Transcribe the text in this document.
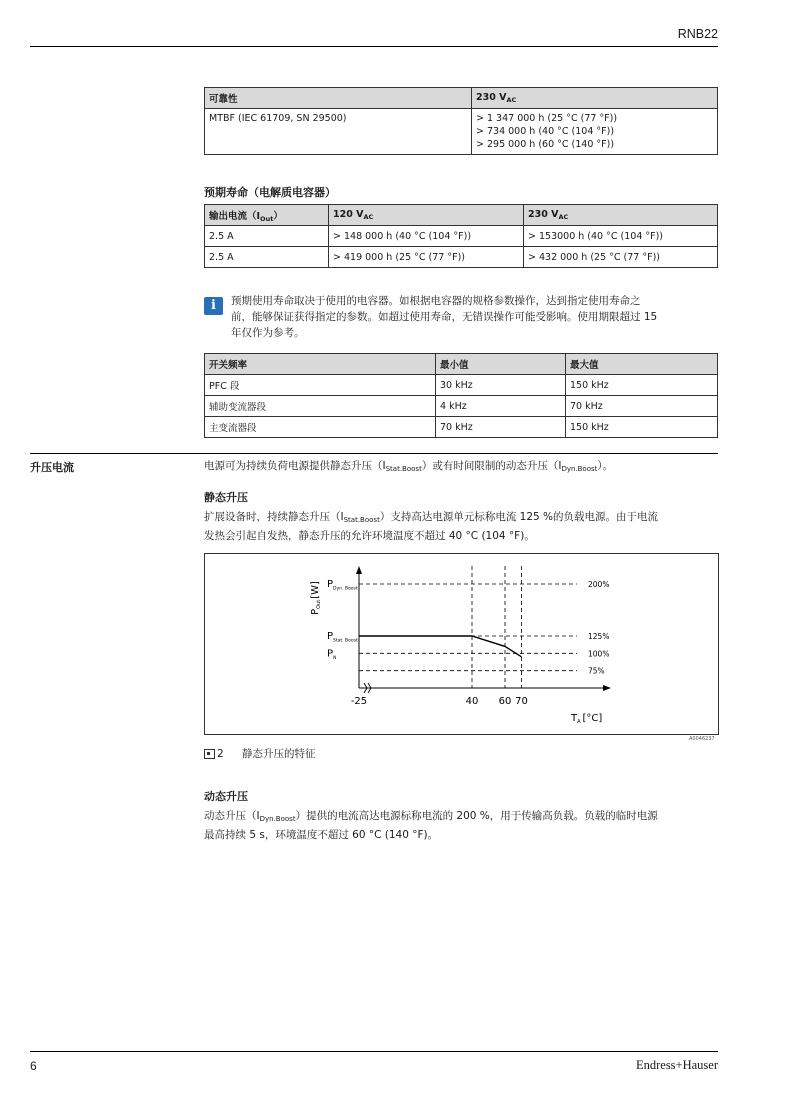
RNB22
可靠性	230 $V_{AC}$
MTBF (IEC 61709, SN 29500)	> 1 347 000 h (25 °C (77 °F))
> 734 000 h (40 °C (104 °F))
> 295 000 h (60 °C (140 °F))
预期寿命（电解质电容器）
输出电流$(I_{Out})$	120 $V_{AC}$	230 $V_{AC}$
2.5 A	> 148 000 h (40 °C (104 °F))	> 153000 h (40 °C (104 °F))
2.5 A	> 419 000 h (25 °C (77 °F))	> 432 000 h (25 °C (77 °F))
i	预期使用寿命取决于使用的电容器。如根据电容器的规格参数操作，达到指定使用寿命之
前，能够保证获得指定的参数。如超过使用寿命，无错误操作可能受影响。使用期限超过 15
年仅作为参考。
开关频率	最小值	最大值
PFC 段	30 kHz	150 kHz
辅助变流器段	4 kHz	70 kHz
主变流器段	70 kHz	150 kHz
升压电流	电源可为持续负荷电源提供静态升压$(I_{Stat.Boost})$或有时间限制的动态升压$(I_{Dyn.Boost})$。
静态升压
扩展设备时，持续静态升压$(I_{Stat.Boost})$支持高达电源单元标称电流 125 %的负载电源。由于电流
发热会引起自发热，静态升压的允许环境温度不超过 40 °C (104 °F)。
200%
$P_{Dyn. Boost}$
125%
$P_{Stat. Boost}$
100%
$P_N$
75%
-25	40 60 70
$P_{Out}[W]$
$T_A$ [°C]
A0046237
2 静态升压的特征
动态升压
动态升压$(I_{Dyn.Boost})$提供的电流高达电源标称电流的 200 %，用于传输高负载。负载的临时电源
最高持续 5 s，环境温度不超过 60 °C (140 °F)。
6	Endress+Hauser
